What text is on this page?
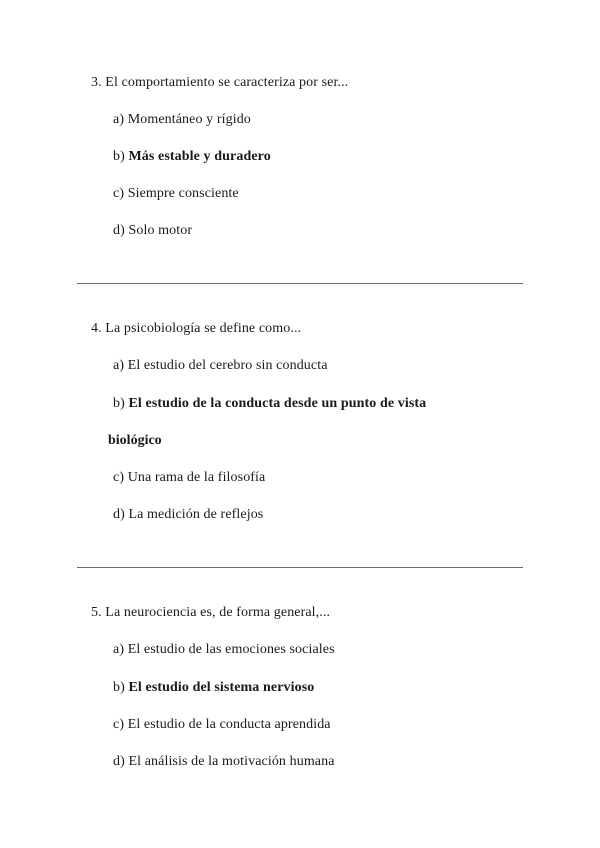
3. El comportamiento se caracteriza por ser...
a) Momentáneo y rígido
b) Más estable y duradero
c) Siempre consciente
d) Solo motor
4. La psicobiología se define como...
a) El estudio del cerebro sin conducta
b) El estudio de la conducta desde un punto de vista
biológico
c) Una rama de la filosofía
d) La medición de reflejos
5. La neurociencia es, de forma general,...
a) El estudio de las emociones sociales
b) El estudio del sistema nervioso
c) El estudio de la conducta aprendida
d) El análisis de la motivación humana
